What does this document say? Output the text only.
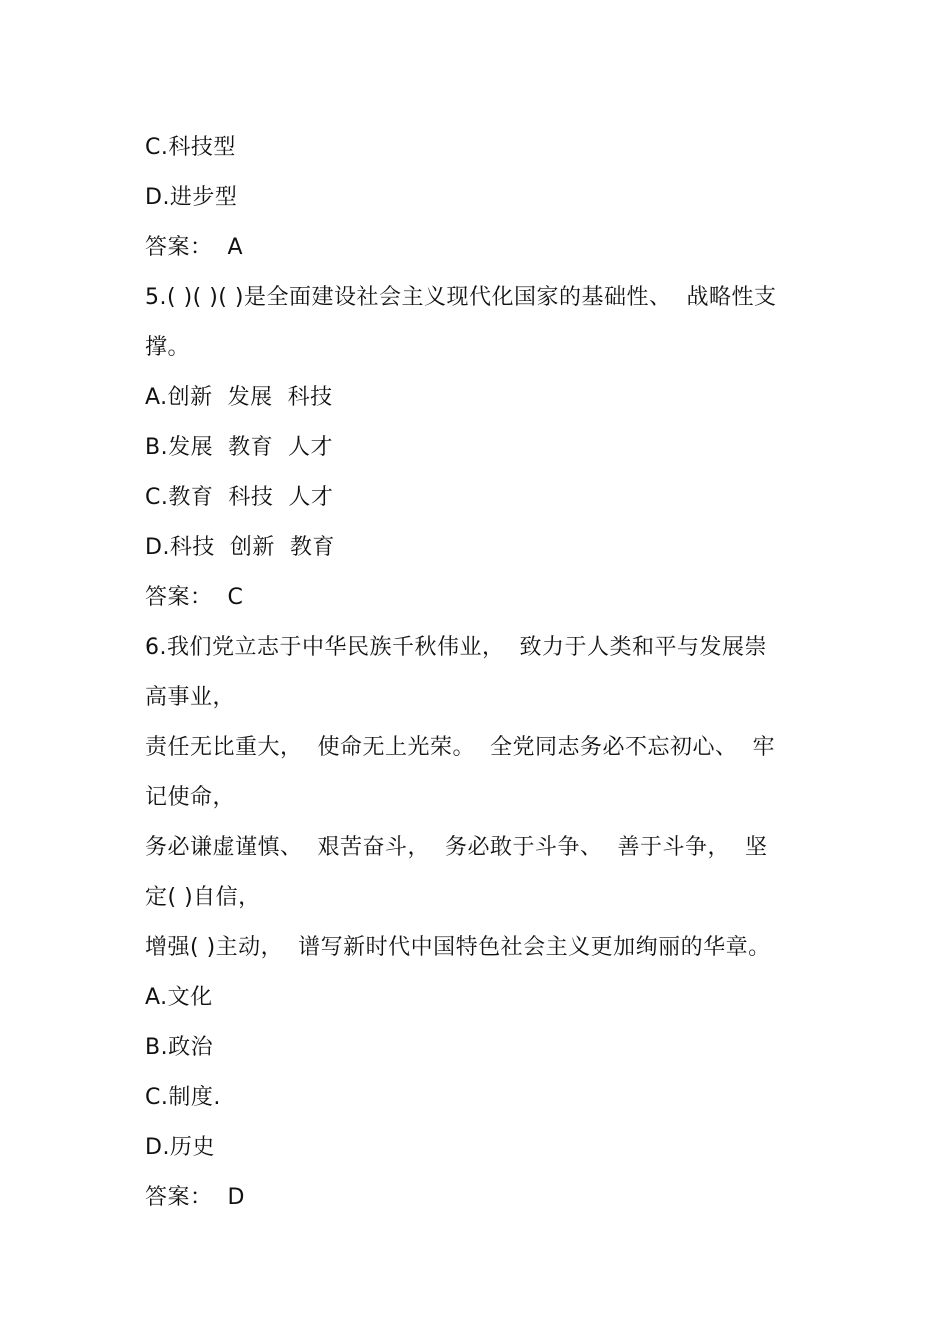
C.科技型
D.进步型
答案：  A
5.( )( )( )是全面建设社会主义现代化国家的基础性、  战略性支
撑。
A.创新  发展  科技
B.发展  教育  人才
C.教育  科技  人才
D.科技  创新  教育
答案：  C
6.我们党立志于中华民族千秋伟业，  致力于人类和平与发展崇
高事业，
责任无比重大，  使命无上光荣。  全党同志务必不忘初心、  牢
记使命，
务必谦虚谨慎、  艰苦奋斗，  务必敢于斗争、  善于斗争，  坚
定( )自信，
增强( )主动，  谱写新时代中国特色社会主义更加绚丽的华章。
A.文化
B.政治
C.制度.
D.历史
答案：  D
